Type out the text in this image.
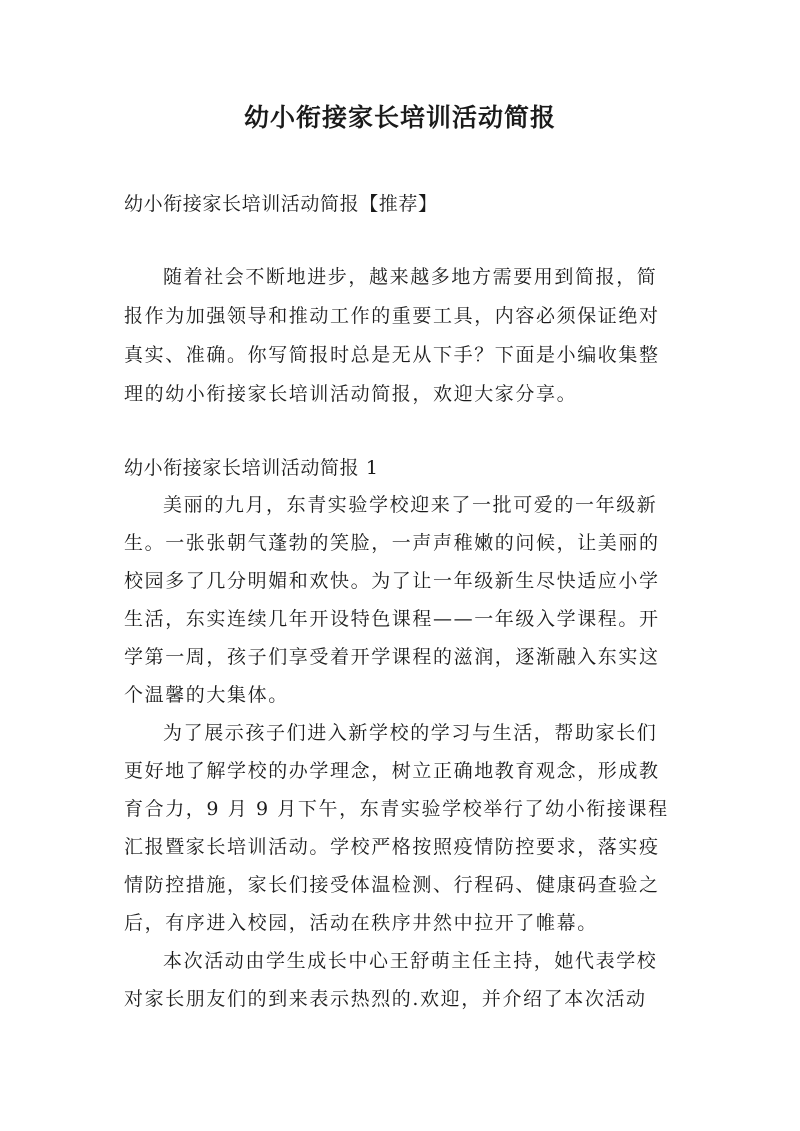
幼小衔接家长培训活动简报
幼小衔接家长培训活动简报【推荐】
随着社会不断地进步，越来越多地方需要用到简报，简
报作为加强领导和推动工作的重要工具，内容必须保证绝对
真实、准确。你写简报时总是无从下手？下面是小编收集整
理的幼小衔接家长培训活动简报，欢迎大家分享。
幼小衔接家长培训活动简报 1
美丽的九月，东青实验学校迎来了一批可爱的一年级新
生。一张张朝气蓬勃的笑脸，一声声稚嫩的问候，让美丽的
校园多了几分明媚和欢快。为了让一年级新生尽快适应小学
生活，东实连续几年开设特色课程——一年级入学课程。开
学第一周，孩子们享受着开学课程的滋润，逐渐融入东实这
个温馨的大集体。
为了展示孩子们进入新学校的学习与生活，帮助家长们
更好地了解学校的办学理念，树立正确地教育观念，形成教
育合力，9 月 9 月下午，东青实验学校举行了幼小衔接课程
汇报暨家长培训活动。学校严格按照疫情防控要求，落实疫
情防控措施，家长们接受体温检测、行程码、健康码查验之
后，有序进入校园，活动在秩序井然中拉开了帷幕。
本次活动由学生成长中心王舒萌主任主持，她代表学校
对家长朋友们的到来表示热烈的.欢迎，并介绍了本次活动
